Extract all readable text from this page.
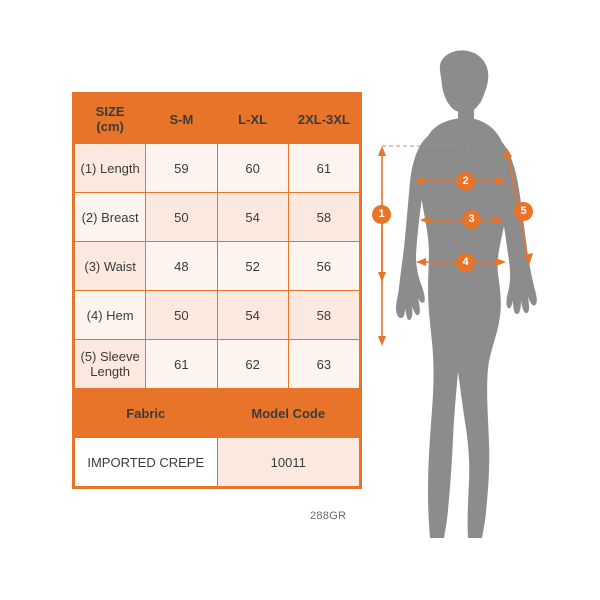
SIZE
(cm)	S-M	L-XL	2XL-3XL
(1) Length	59	60	61
(2) Breast	50	54	58
(3) Waist	48	52	56
(4) Hem	50	54	58
(5) Sleeve Length	61	62	63
Fabric		Model Code	
IMPORTED CREPE		10011	
288GR
1
2
3
4
5
